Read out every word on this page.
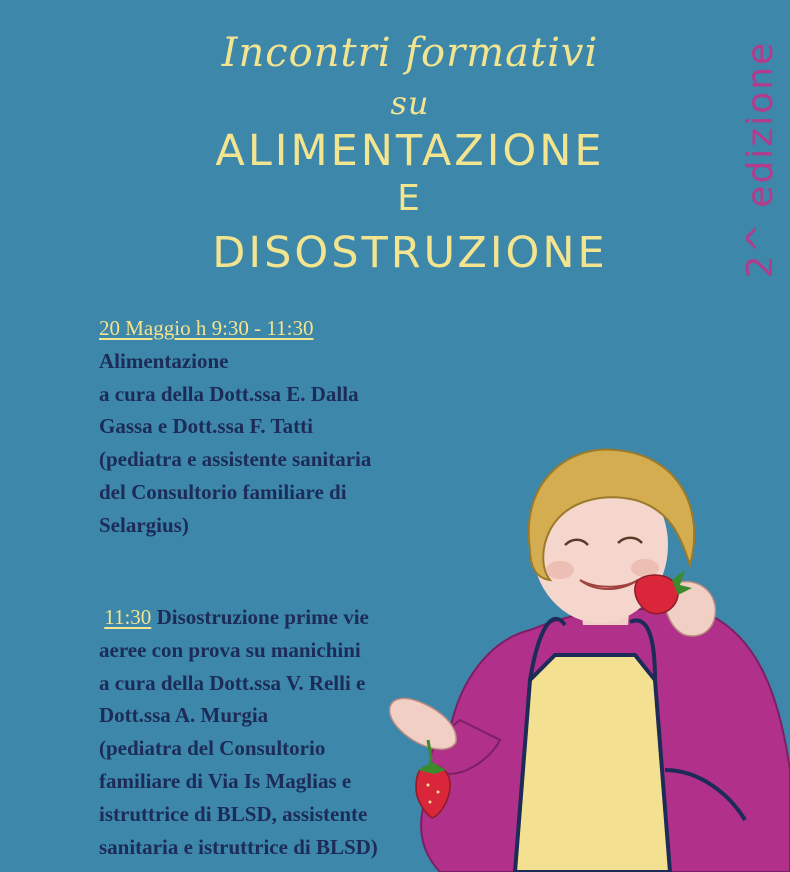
Incontri formativi
su
ALIMENTAZIONE
E
DISOSTRUZIONE	2^ edizione
20 Maggio h 9:30 - 11:30
Alimentazione
a cura della Dott.ssa E. Dalla
Gassa e Dott.ssa F. Tatti
(pediatra e assistente sanitaria
del Consultorio familiare di
Selargius)
11:30 Disostruzione prime vie
aeree con prova su manichini
a cura della Dott.ssa V. Relli e
Dott.ssa A. Murgia
(pediatra del Consultorio
familiare di Via Is Maglias e
istruttrice di BLSD, assistente
sanitaria e istruttrice di BLSD)
